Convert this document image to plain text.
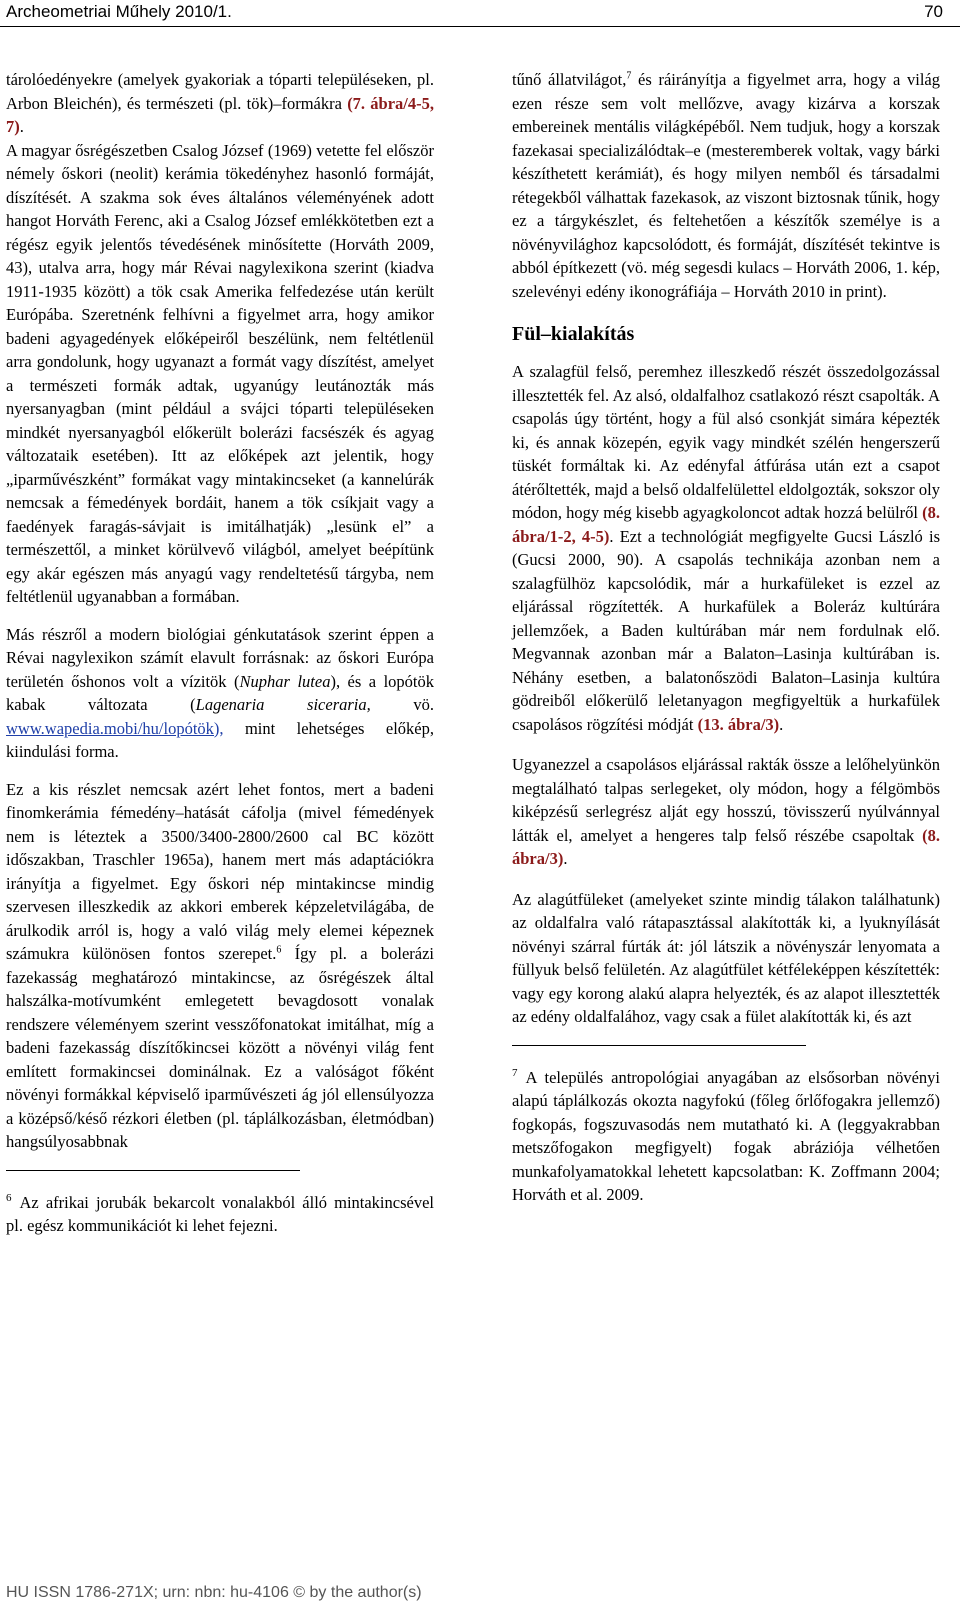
Archeometriai Műhely 2010/1.	70

tárolóedényekre (amelyek gyakoriak a tóparti településeken, pl. Arbon Bleichén), és természeti (pl. tök)–formákra (7. ábra/4-5, 7).

A magyar ősrégészetben Csalog József (1969) vetette fel először némely őskori (neolit) kerámia tökedényhez hasonló formáját, díszítését. A szakma sok éves általános véleményének adott hangot Horváth Ferenc, aki a Csalog József emlékkötetben ezt a régész egyik jelentős tévedésének minősítette (Horváth 2009, 43), utalva arra, hogy már Révai nagylexikona szerint (kiadva 1911-1935 között) a tök csak Amerika felfedezése után került Európába. Szeretnénk felhívni a figyelmet arra, hogy amikor badeni agyagedények előképeiről beszélünk, nem feltétlenül arra gondolunk, hogy ugyanazt a formát vagy díszítést, amelyet a természeti formák adtak, ugyanúgy leutánozták más nyersanyagban (mint például a svájci tóparti településeken mindkét nyersanyagból előkerült bolerázi facsészék és agyag változataik esetében). Itt az előképek azt jelentik, hogy „iparművészként” formákat vagy mintakincseket (a kannelúrák nemcsak a fémedények bordáit, hanem a tök csíkjait vagy a faedények faragás-sávjait is imitálhatják) „lesünk el” a természettől, a minket körülvevő világból, amelyet beépítünk egy akár egészen más anyagú vagy rendeltetésű tárgyba, nem feltétlenül ugyanabban a formában.

Más részről a modern biológiai génkutatások szerint éppen a Révai nagylexikon számít elavult forrásnak: az őskori Európa területén őshonos volt a vízitök (Nuphar lutea), és a lopótök kabak változata (Lagenaria siceraria, vö. www.wapedia.mobi/hu/lopótök), mint lehetséges előkép, kiindulási forma.

Ez a kis részlet nemcsak azért lehet fontos, mert a badeni finomkerámia fémedény–hatását cáfolja (mivel fémedények nem is léteztek a 3500/3400-2800/2600 cal BC között időszakban, Traschler 1965a), hanem mert más adaptációkra irányítja a figyelmet. Egy őskori nép mintakincse mindig szervesen illeszkedik az akkori emberek képzeletvilágába, de árulkodik arról is, hogy a való világ mely elemei képeznek számukra különösen fontos szerepet.$^6$ Így pl. a bolerázi fazekasság meghatározó mintakincse, az ősrégészek által halszálka-motívumként emlegetett bevagdosott vonalak rendszere véleményem szerint vesszőfonatokat imitálhat, míg a badeni fazekasság díszítőkincsei között a növényi világ fent említett formakincsei dominálnak. Ez a valóságot főként növényi formákkal képviselő iparművészeti ág jól ellensúlyozza a középső/késő rézkori életben (pl. táplálkozásban, életmódban) hangsúlyosabbnak

$^6$ Az afrikai jorubák bekarcolt vonalakból álló mintakincsével pl. egész kommunikációt ki lehet fejezni.

tűnő állatvilágot,$^7$ és ráirányítja a figyelmet arra, hogy a világ ezen része sem volt mellőzve, avagy kizárva a korszak embereinek mentális világképéből. Nem tudjuk, hogy a korszak fazekasai specializálódtak–e (mesteremberek voltak, vagy bárki készíthetett kerámiát), és hogy milyen nemből és társadalmi rétegekből válhattak fazekasok, az viszont biztosnak tűnik, hogy ez a tárgykészlet, és feltehetően a készítők személye is a növényvilághoz kapcsolódott, és formáját, díszítését tekintve is abból építkezett (vö. még segesdi kulacs – Horváth 2006, 1. kép, szelevényi edény ikonográfiája – Horváth 2010 in print).

Fül–kialakítás

A szalagfül felső, peremhez illeszkedő részét összedolgozással illesztették fel. Az alsó, oldalfalhoz csatlakozó részt csapolták. A csapolás úgy történt, hogy a fül alsó csonkját simára képezték ki, és annak közepén, egyik vagy mindkét szélén hengerszerű tüskét formáltak ki. Az edényfal átfúrása után ezt a csapot átérőltették, majd a belső oldalfelülettel eldolgozták, sokszor oly módon, hogy még kisebb agyagkoloncot adtak hozzá belülről (8. ábra/1-2, 4-5). Ezt a technológiát megfigyelte Gucsi László is (Gucsi 2000, 90). A csapolás technikája azonban nem a szalagfülhöz kapcsolódik, már a hurkafüleket is ezzel az eljárással rögzítették. A hurkafülek a Boleráz kultúrára jellemzőek, a Baden kultúrában már nem fordulnak elő. Megvannak azonban már a Balaton–Lasinja kultúrában is. Néhány esetben, a balatonőszödi Balaton–Lasinja kultúra gödreiből előkerülő leletanyagon megfigyeltük a hurkafülek csapolásos rögzítési módját (13. ábra/3).

Ugyanezzel a csapolásos eljárással rakták össze a lelőhelyünkön megtalálható talpas serlegeket, oly módon, hogy a félgömbös kiképzésű serlegrész alját egy hosszú, tövisszerű nyúlvánnyal látták el, amelyet a hengeres talp felső részébe csapoltak (8. ábra/3).

Az alagútfüleket (amelyeket szinte mindig tálakon találhatunk) az oldalfalra való rátapasztással alakították ki, a lyuknyílását növényi szárral fúrták át: jól látszik a növényszár lenyomata a füllyuk belső felületén. Az alagútfület kétféleképpen készítették: vagy egy korong alakú alapra helyezték, és az alapot illesztették az edény oldalfalához, vagy csak a fület alakították ki, és azt

$^7$ A település antropológiai anyagában az elsősorban növényi alapú táplálkozás okozta nagyfokú (főleg őrlőfogakra jellemző) fogkopás, fogszuvasodás nem mutatható ki. A (leggyakrabban metszőfogakon megfigyelt) fogak abráziója vélhetően munkafolyamatokkal lehetett kapcsolatban: K. Zoffmann 2004; Horváth et al. 2009.

HU ISSN 1786-271X; urn: nbn: hu-4106 © by the author(s)
